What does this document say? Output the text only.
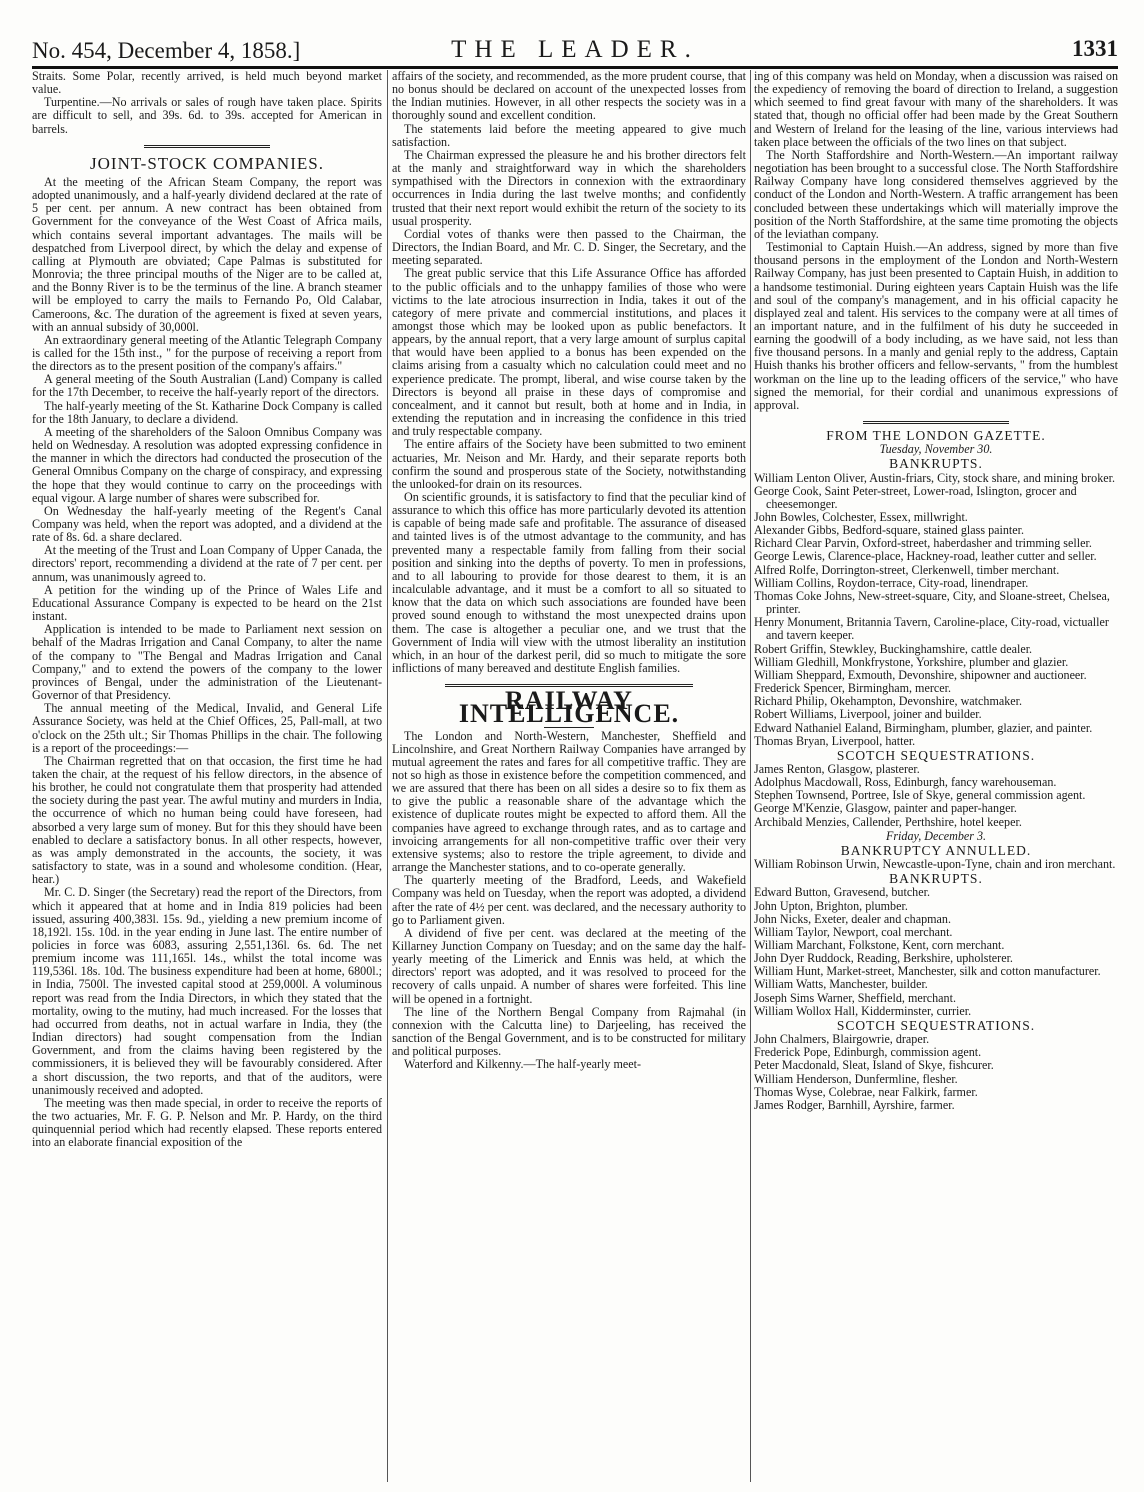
THE LEADER.
No. 454, December 4, 1858.]	1331

Straits. Some Polar, recently arrived, is held much beyond market value.

Turpentine.—No arrivals or sales of rough have taken place. Spirits are difficult to sell, and 39s. 6d. to 39s. accepted for American in barrels.

JOINT-STOCK COMPANIES.

At the meeting of the African Steam Company, the report was adopted unanimously, and a half-yearly dividend declared at the rate of 5 per cent. per annum. A new contract has been obtained from Government for the conveyance of the West Coast of Africa mails, which contains several important advantages. The mails will be despatched from Liverpool direct, by which the delay and expense of calling at Plymouth are obviated; Cape Palmas is substituted for Monrovia; the three principal mouths of the Niger are to be called at, and the Bonny River is to be the terminus of the line. A branch steamer will be employed to carry the mails to Fernando Po, Old Calabar, Cameroons, &c. The duration of the agreement is fixed at seven years, with an annual subsidy of 30,000l.

An extraordinary general meeting of the Atlantic Telegraph Company is called for the 15th inst., " for the purpose of receiving a report from the directors as to the present position of the company's affairs."

A general meeting of the South Australian (Land) Company is called for the 17th December, to receive the half-yearly report of the directors.

The half-yearly meeting of the St. Katharine Dock Company is called for the 18th January, to declare a dividend.

A meeting of the shareholders of the Saloon Omnibus Company was held on Wednesday. A resolution was adopted expressing confidence in the manner in which the directors had conducted the prosecution of the General Omnibus Company on the charge of conspiracy, and expressing the hope that they would continue to carry on the proceedings with equal vigour. A large number of shares were subscribed for.

On Wednesday the half-yearly meeting of the Regent's Canal Company was held, when the report was adopted, and a dividend at the rate of 8s. 6d. a share declared.

At the meeting of the Trust and Loan Company of Upper Canada, the directors' report, recommending a dividend at the rate of 7 per cent. per annum, was unanimously agreed to.

A petition for the winding up of the Prince of Wales Life and Educational Assurance Company is expected to be heard on the 21st instant.

Application is intended to be made to Parliament next session on behalf of the Madras Irrigation and Canal Company, to alter the name of the company to "The Bengal and Madras Irrigation and Canal Company," and to extend the powers of the company to the lower provinces of Bengal, under the administration of the Lieutenant-Governor of that Presidency.

The annual meeting of the Medical, Invalid, and General Life Assurance Society, was held at the Chief Offices, 25, Pall-mall, at two o'clock on the 25th ult.; Sir Thomas Phillips in the chair. The following is a report of the proceedings:—

The Chairman regretted that on that occasion, the first time he had taken the chair, at the request of his fellow directors, in the absence of his brother, he could not congratulate them that prosperity had attended the society during the past year. The awful mutiny and murders in India, the occurrence of which no human being could have foreseen, had absorbed a very large sum of money. But for this they should have been enabled to declare a satisfactory bonus. In all other respects, however, as was amply demonstrated in the accounts, the society, it was satisfactory to state, was in a sound and wholesome condition. (Hear, hear.)

Mr. C. D. Singer (the Secretary) read the report of the Directors, from which it appeared that at home and in India 819 policies had been issued, assuring 400,383l. 15s. 9d., yielding a new premium income of 18,192l. 15s. 10d. in the year ending in June last. The entire number of policies in force was 6083, assuring 2,551,136l. 6s. 6d. The net premium income was 111,165l. 14s., whilst the total income was 119,536l. 18s. 10d. The business expenditure had been at home, 6800l.; in India, 7500l. The invested capital stood at 259,000l. A voluminous report was read from the India Directors, in which they stated that the mortality, owing to the mutiny, had much increased. For the losses that had occurred from deaths, not in actual warfare in India, they (the Indian directors) had sought compensation from the Indian Government, and from the claims having been registered by the commissioners, it is believed they will be favourably considered. After a short discussion, the two reports, and that of the auditors, were unanimously received and adopted.

The meeting was then made special, in order to receive the reports of the two actuaries, Mr. F. G. P. Nelson and Mr. P. Hardy, on the third quinquennial period which had recently elapsed. These reports entered into an elaborate financial exposition of the

affairs of the society, and recommended, as the more prudent course, that no bonus should be declared on account of the unexpected losses from the Indian mutinies. However, in all other respects the society was in a thoroughly sound and excellent condition.

The statements laid before the meeting appeared to give much satisfaction.

The Chairman expressed the pleasure he and his brother directors felt at the manly and straightforward way in which the shareholders sympathised with the Directors in connexion with the extraordinary occurrences in India during the last twelve months; and confidently trusted that their next report would exhibit the return of the society to its usual prosperity.

Cordial votes of thanks were then passed to the Chairman, the Directors, the Indian Board, and Mr. C. D. Singer, the Secretary, and the meeting separated.

The great public service that this Life Assurance Office has afforded to the public officials and to the unhappy families of those who were victims to the late atrocious insurrection in India, takes it out of the category of mere private and commercial institutions, and places it amongst those which may be looked upon as public benefactors. It appears, by the annual report, that a very large amount of surplus capital that would have been applied to a bonus has been expended on the claims arising from a casualty which no calculation could meet and no experience predicate. The prompt, liberal, and wise course taken by the Directors is beyond all praise in these days of compromise and concealment, and it cannot but result, both at home and in India, in extending the reputation and in increasing the confidence in this tried and truly respectable company.

The entire affairs of the Society have been submitted to two eminent actuaries, Mr. Neison and Mr. Hardy, and their separate reports both confirm the sound and prosperous state of the Society, notwithstanding the unlooked-for drain on its resources.

On scientific grounds, it is satisfactory to find that the peculiar kind of assurance to which this office has more particularly devoted its attention is capable of being made safe and profitable. The assurance of diseased and tainted lives is of the utmost advantage to the community, and has prevented many a respectable family from falling from their social position and sinking into the depths of poverty. To men in professions, and to all labouring to provide for those dearest to them, it is an incalculable advantage, and it must be a comfort to all so situated to know that the data on which such associations are founded have been proved sound enough to withstand the most unexpected drains upon them. The case is altogether a peculiar one, and we trust that the Government of India will view with the utmost liberality an institution which, in an hour of the darkest peril, did so much to mitigate the sore inflictions of many bereaved and destitute English families.

RAILWAY INTELLIGENCE.

The London and North-Western, Manchester, Sheffield and Lincolnshire, and Great Northern Railway Companies have arranged by mutual agreement the rates and fares for all competitive traffic. They are not so high as those in existence before the competition commenced, and we are assured that there has been on all sides a desire so to fix them as to give the public a reasonable share of the advantage which the existence of duplicate routes might be expected to afford them. All the companies have agreed to exchange through rates, and as to cartage and invoicing arrangements for all non-competitive traffic over their very extensive systems; also to restore the triple agreement, to divide and arrange the Manchester stations, and to co-operate generally.

The quarterly meeting of the Bradford, Leeds, and Wakefield Company was held on Tuesday, when the report was adopted, a dividend after the rate of 4½ per cent. was declared, and the necessary authority to go to Parliament given.

A dividend of five per cent. was declared at the meeting of the Killarney Junction Company on Tuesday; and on the same day the half-yearly meeting of the Limerick and Ennis was held, at which the directors' report was adopted, and it was resolved to proceed for the recovery of calls unpaid. A number of shares were forfeited. This line will be opened in a fortnight.

The line of the Northern Bengal Company from Rajmahal (in connexion with the Calcutta line) to Darjeeling, has received the sanction of the Bengal Government, and is to be constructed for military and political purposes.

Waterford and Kilkenny.—The half-yearly meet-

ing of this company was held on Monday, when a discussion was raised on the expediency of removing the board of direction to Ireland, a suggestion which seemed to find great favour with many of the shareholders. It was stated that, though no official offer had been made by the Great Southern and Western of Ireland for the leasing of the line, various interviews had taken place between the officials of the two lines on that subject.

The North Staffordshire and North-Western.—An important railway negotiation has been brought to a successful close. The North Staffordshire Railway Company have long considered themselves aggrieved by the conduct of the London and North-Western. A traffic arrangement has been concluded between these undertakings which will materially improve the position of the North Staffordshire, at the same time promoting the objects of the leviathan company.

Testimonial to Captain Huish.—An address, signed by more than five thousand persons in the employment of the London and North-Western Railway Company, has just been presented to Captain Huish, in addition to a handsome testimonial. During eighteen years Captain Huish was the life and soul of the company's management, and in his official capacity he displayed zeal and talent. His services to the company were at all times of an important nature, and in the fulfilment of his duty he succeeded in earning the goodwill of a body including, as we have said, not less than five thousand persons. In a manly and genial reply to the address, Captain Huish thanks his brother officers and fellow-servants, " from the humblest workman on the line up to the leading officers of the service," who have signed the memorial, for their cordial and unanimous expressions of approval.

FROM THE LONDON GAZETTE.
Tuesday, November 30.
BANKRUPTS.
William Lenton Oliver, Austin-friars, City, stock share, and mining broker.
George Cook, Saint Peter-street, Lower-road, Islington, grocer and cheesemonger.
John Bowles, Colchester, Essex, millwright.
Alexander Gibbs, Bedford-square, stained glass painter.
Richard Clear Parvin, Oxford-street, haberdasher and trimming seller.
George Lewis, Clarence-place, Hackney-road, leather cutter and seller.
Alfred Rolfe, Dorrington-street, Clerkenwell, timber merchant.
William Collins, Roydon-terrace, City-road, linendraper.
Thomas Coke Johns, New-street-square, City, and Sloane-street, Chelsea, printer.
Henry Monument, Britannia Tavern, Caroline-place, City-road, victualler and tavern keeper.
Robert Griffin, Stewkley, Buckinghamshire, cattle dealer.
William Gledhill, Monkfrystone, Yorkshire, plumber and glazier.
William Sheppard, Exmouth, Devonshire, shipowner and auctioneer.
Frederick Spencer, Birmingham, mercer.
Richard Philip, Okehampton, Devonshire, watchmaker.
Robert Williams, Liverpool, joiner and builder.
Edward Nathaniel Ealand, Birmingham, plumber, glazier, and painter.
Thomas Bryan, Liverpool, hatter.
SCOTCH SEQUESTRATIONS.
James Renton, Glasgow, plasterer.
Adolphus Macdowall, Ross, Edinburgh, fancy warehouseman.
Stephen Townsend, Portree, Isle of Skye, general commission agent.
George M'Kenzie, Glasgow, painter and paper-hanger.
Archibald Menzies, Callender, Perthshire, hotel keeper.
Friday, December 3.
BANKRUPTCY ANNULLED.
William Robinson Urwin, Newcastle-upon-Tyne, chain and iron merchant.
BANKRUPTS.
Edward Button, Gravesend, butcher.
John Upton, Brighton, plumber.
John Nicks, Exeter, dealer and chapman.
William Taylor, Newport, coal merchant.
William Marchant, Folkstone, Kent, corn merchant.
John Dyer Ruddock, Reading, Berkshire, upholsterer.
William Hunt, Market-street, Manchester, silk and cotton manufacturer.
William Watts, Manchester, builder.
Joseph Sims Warner, Sheffield, merchant.
William Wollox Hall, Kidderminster, currier.
SCOTCH SEQUESTRATIONS.
John Chalmers, Blairgowrie, draper.
Frederick Pope, Edinburgh, commission agent.
Peter Macdonald, Sleat, Island of Skye, fishcurer.
William Henderson, Dunfermline, flesher.
Thomas Wyse, Colebrae, near Falkirk, farmer.
James Rodger, Barnhill, Ayrshire, farmer.
